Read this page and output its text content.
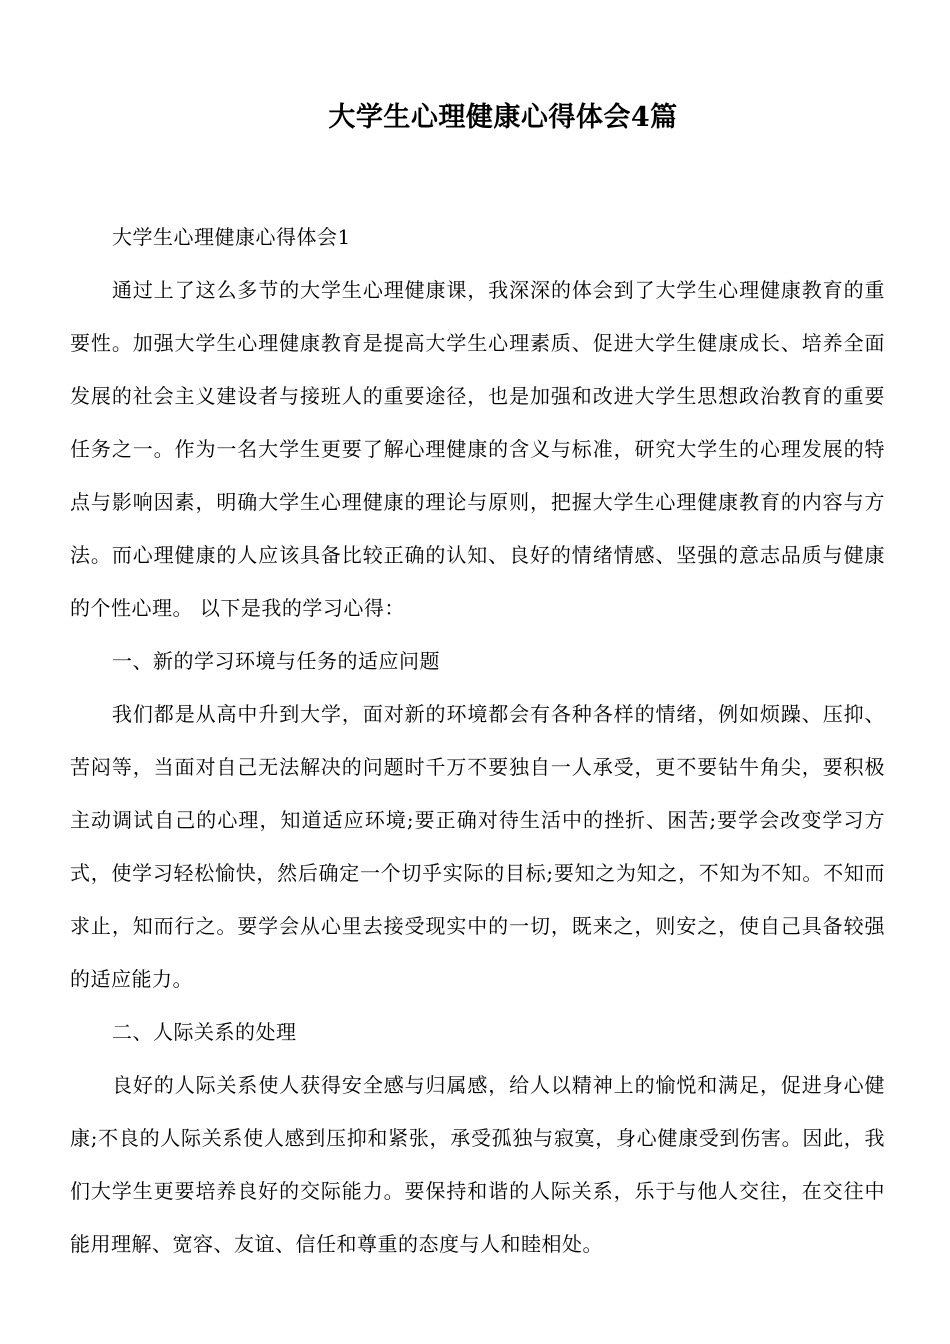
大学生心理健康心得体会4篇

大学生心理健康心得体会1

通过上了这么多节的大学生心理健康课，我深深的体会到了大学生心理健康教育的重要性。加强大学生心理健康教育是提高大学生心理素质、促进大学生健康成长、培养全面发展的社会主义建设者与接班人的重要途径，也是加强和改进大学生思想政治教育的重要任务之一。作为一名大学生更要了解心理健康的含义与标准，研究大学生的心理发展的特点与影响因素，明确大学生心理健康的理论与原则，把握大学生心理健康教育的内容与方法。而心理健康的人应该具备比较正确的认知、良好的情绪情感、坚强的意志品质与健康的个性心理。 以下是我的学习心得：

一、新的学习环境与任务的适应问题

我们都是从高中升到大学，面对新的环境都会有各种各样的情绪，例如烦躁、压抑、苦闷等，当面对自己无法解决的问题时千万不要独自一人承受，更不要钻牛角尖，要积极主动调试自己的心理，知道适应环境;要正确对待生活中的挫折、困苦;要学会改变学习方式，使学习轻松愉快，然后确定一个切乎实际的目标;要知之为知之，不知为不知。不知而求止，知而行之。要学会从心里去接受现实中的一切，既来之，则安之，使自己具备较强的适应能力。

二、人际关系的处理

良好的人际关系使人获得安全感与归属感，给人以精神上的愉悦和满足，促进身心健康;不良的人际关系使人感到压抑和紧张，承受孤独与寂寞，身心健康受到伤害。因此，我们大学生更要培养良好的交际能力。要保持和谐的人际关系，乐于与他人交往，在交往中能用理解、宽容、友谊、信任和尊重的态度与人和睦相处。
